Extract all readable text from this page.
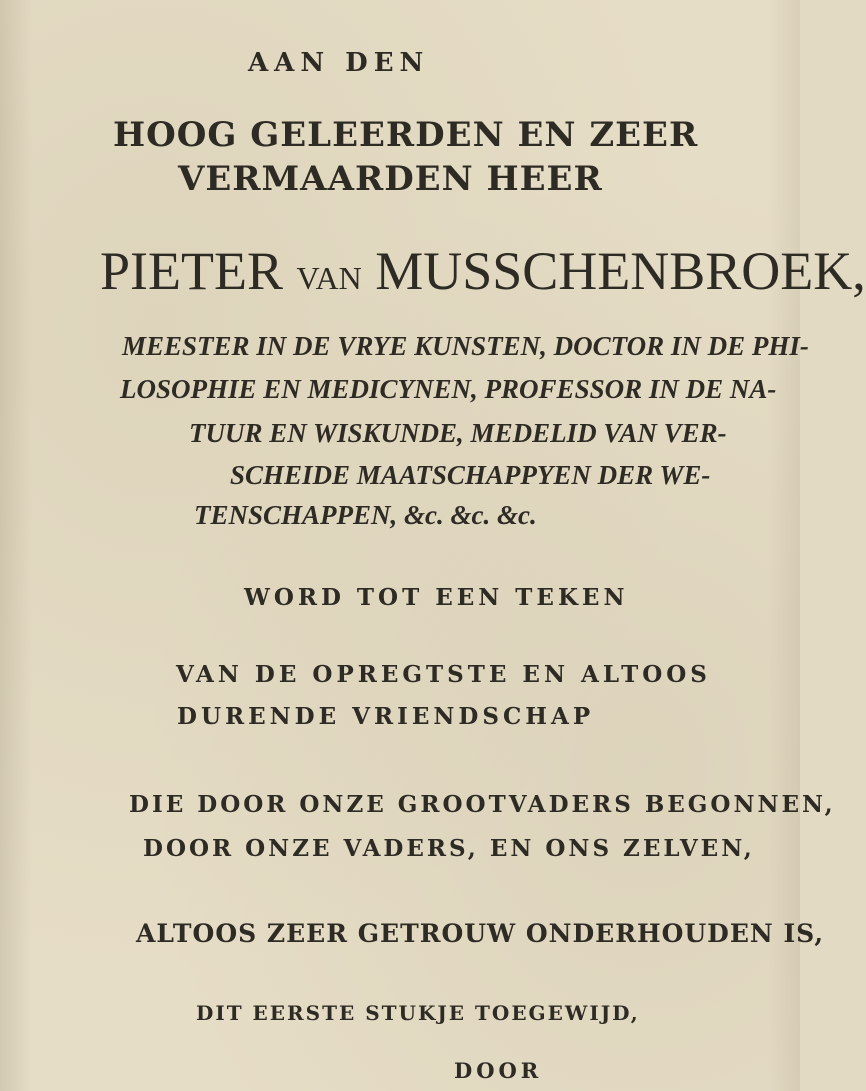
AAN DEN
HOOG GELEERDEN EN ZEER
VERMAARDEN HEER
PIETER VAN MUSSCHENBROEK,
MEESTER IN DE VRYE KUNSTEN, DOCTOR IN DE PHI-
LOSOPHIE EN MEDICYNEN, PROFESSOR IN DE NA-
TUUR EN WISKUNDE, MEDELID VAN VER-
SCHEIDE MAATSCHAPPYEN DER WE-
TENSCHAPPEN, &c. &c. &c.
WORD TOT EEN TEKEN
VAN DE OPREGTSTE EN ALTOOS
DURENDE VRIENDSCHAP
DIE DOOR ONZE GROOTVADERS BEGONNEN,
DOOR ONZE VADERS, EN ONS ZELVEN,
ALTOOS ZEER GETROUW ONDERHOUDEN IS,
DIT EERSTE STUKJE TOEGEWIJD,
DOOR
